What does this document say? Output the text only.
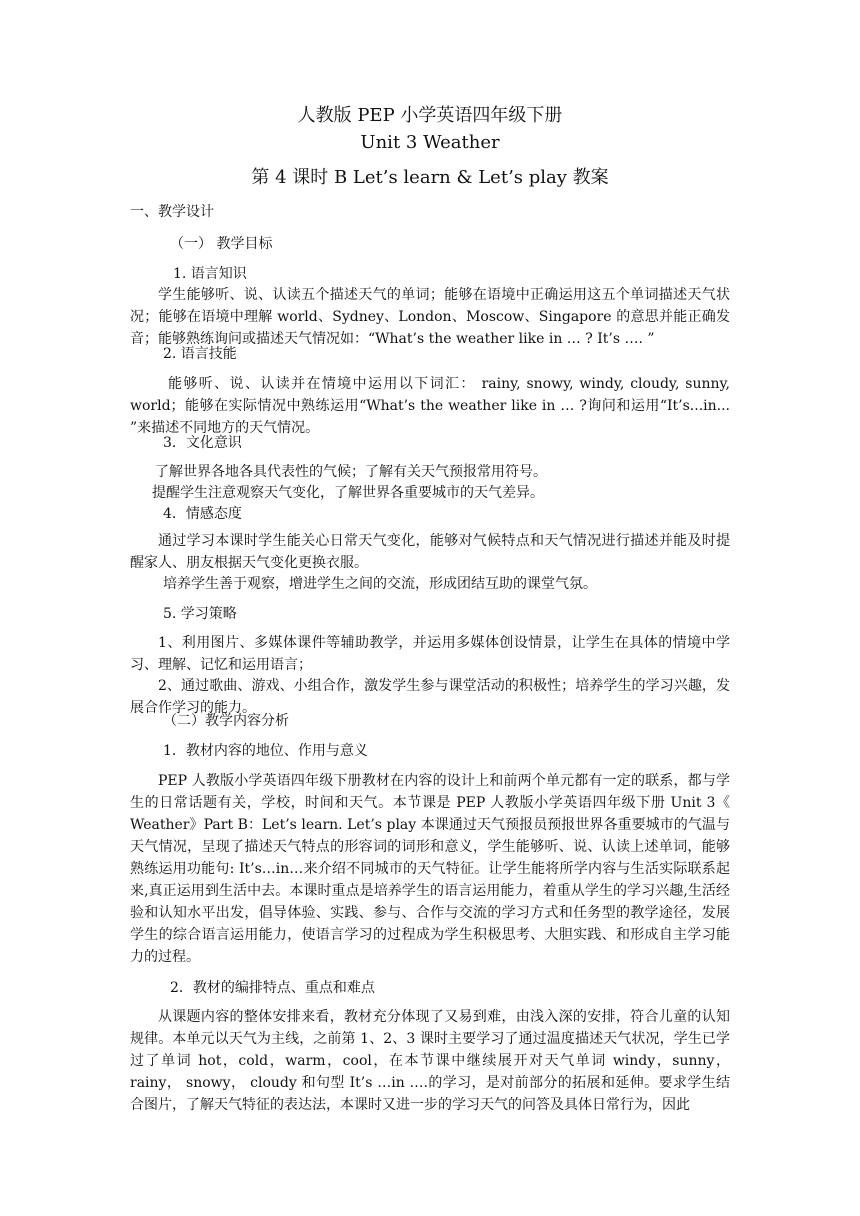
人教版 PEP 小学英语四年级下册
Unit 3 Weather
第 4 课时 B Let’s learn & Let’s play 教案
一、教学设计
（一） 教学目标
1. 语言知识
学生能够听、说、认读五个描述天气的单词；能够在语境中正确运用这五个单词描述天气状况；能够在语境中理解 world、Sydney、London、Moscow、Singapore 的意思并能正确发音；能够熟练询问或描述天气情况如：“What’s the weather like in … ? It’s …. ”
2. 语言技能
能够听、说、认读并在情境中运用以下词汇： rainy, snowy, windy, cloudy, sunny, world；能够在实际情况中熟练运用“What’s the weather like in … ?询问和运用“It’s...in... ”来描述不同地方的天气情况。
3．文化意识
了解世界各地各具代表性的气候；了解有关天气预报常用符号。
提醒学生注意观察天气变化，了解世界各重要城市的天气差异。
4．情感态度
通过学习本课时学生能关心日常天气变化，能够对气候特点和天气情况进行描述并能及时提醒家人、朋友根据天气变化更换衣服。
培养学生善于观察，增进学生之间的交流，形成团结互助的课堂气氛。
5. 学习策略
1、利用图片、多媒体课件等辅助教学，并运用多媒体创设情景，让学生在具体的情境中学习、理解、记忆和运用语言；
2、通过歌曲、游戏、小组合作，激发学生参与课堂活动的积极性；培养学生的学习兴趣，发展合作学习的能力。
（二）教学内容分析
1．教材内容的地位、作用与意义
PEP 人教版小学英语四年级下册教材在内容的设计上和前两个单元都有一定的联系，都与学生的日常话题有关，学校，时间和天气。本节课是 PEP 人教版小学英语四年级下册 Unit 3《 Weather》Part B：Let’s learn. Let’s play 本课通过天气预报员预报世界各重要城市的气温与天气情况，呈现了描述天气特点的形容词的词形和意义，学生能够听、说、认读上述单词，能够熟练运用功能句: It’s…in…来介绍不同城市的天气特征。让学生能将所学内容与生活实际联系起来,真正运用到生活中去。本课时重点是培养学生的语言运用能力，着重从学生的学习兴趣,生活经验和认知水平出发，倡导体验、实践、参与、合作与交流的学习方式和任务型的教学途径，发展学生的综合语言运用能力，使语言学习的过程成为学生积极思考、大胆实践、和形成自主学习能力的过程。
2．教材的编排特点、重点和难点
从课题内容的整体安排来看，教材充分体现了又易到难，由浅入深的安排，符合儿童的认知规律。本单元以天气为主线，之前第 1、2、3 课时主要学习了通过温度描述天气状况，学生已学过了单词 hot，cold，warm，cool，在本节课中继续展开对天气单词 windy，sunny，rainy， snowy， cloudy 和句型 It’s …in ….的学习，是对前部分的拓展和延伸。要求学生结合图片，了解天气特征的表达法，本课时又进一步的学习天气的问答及具体日常行为，因此
